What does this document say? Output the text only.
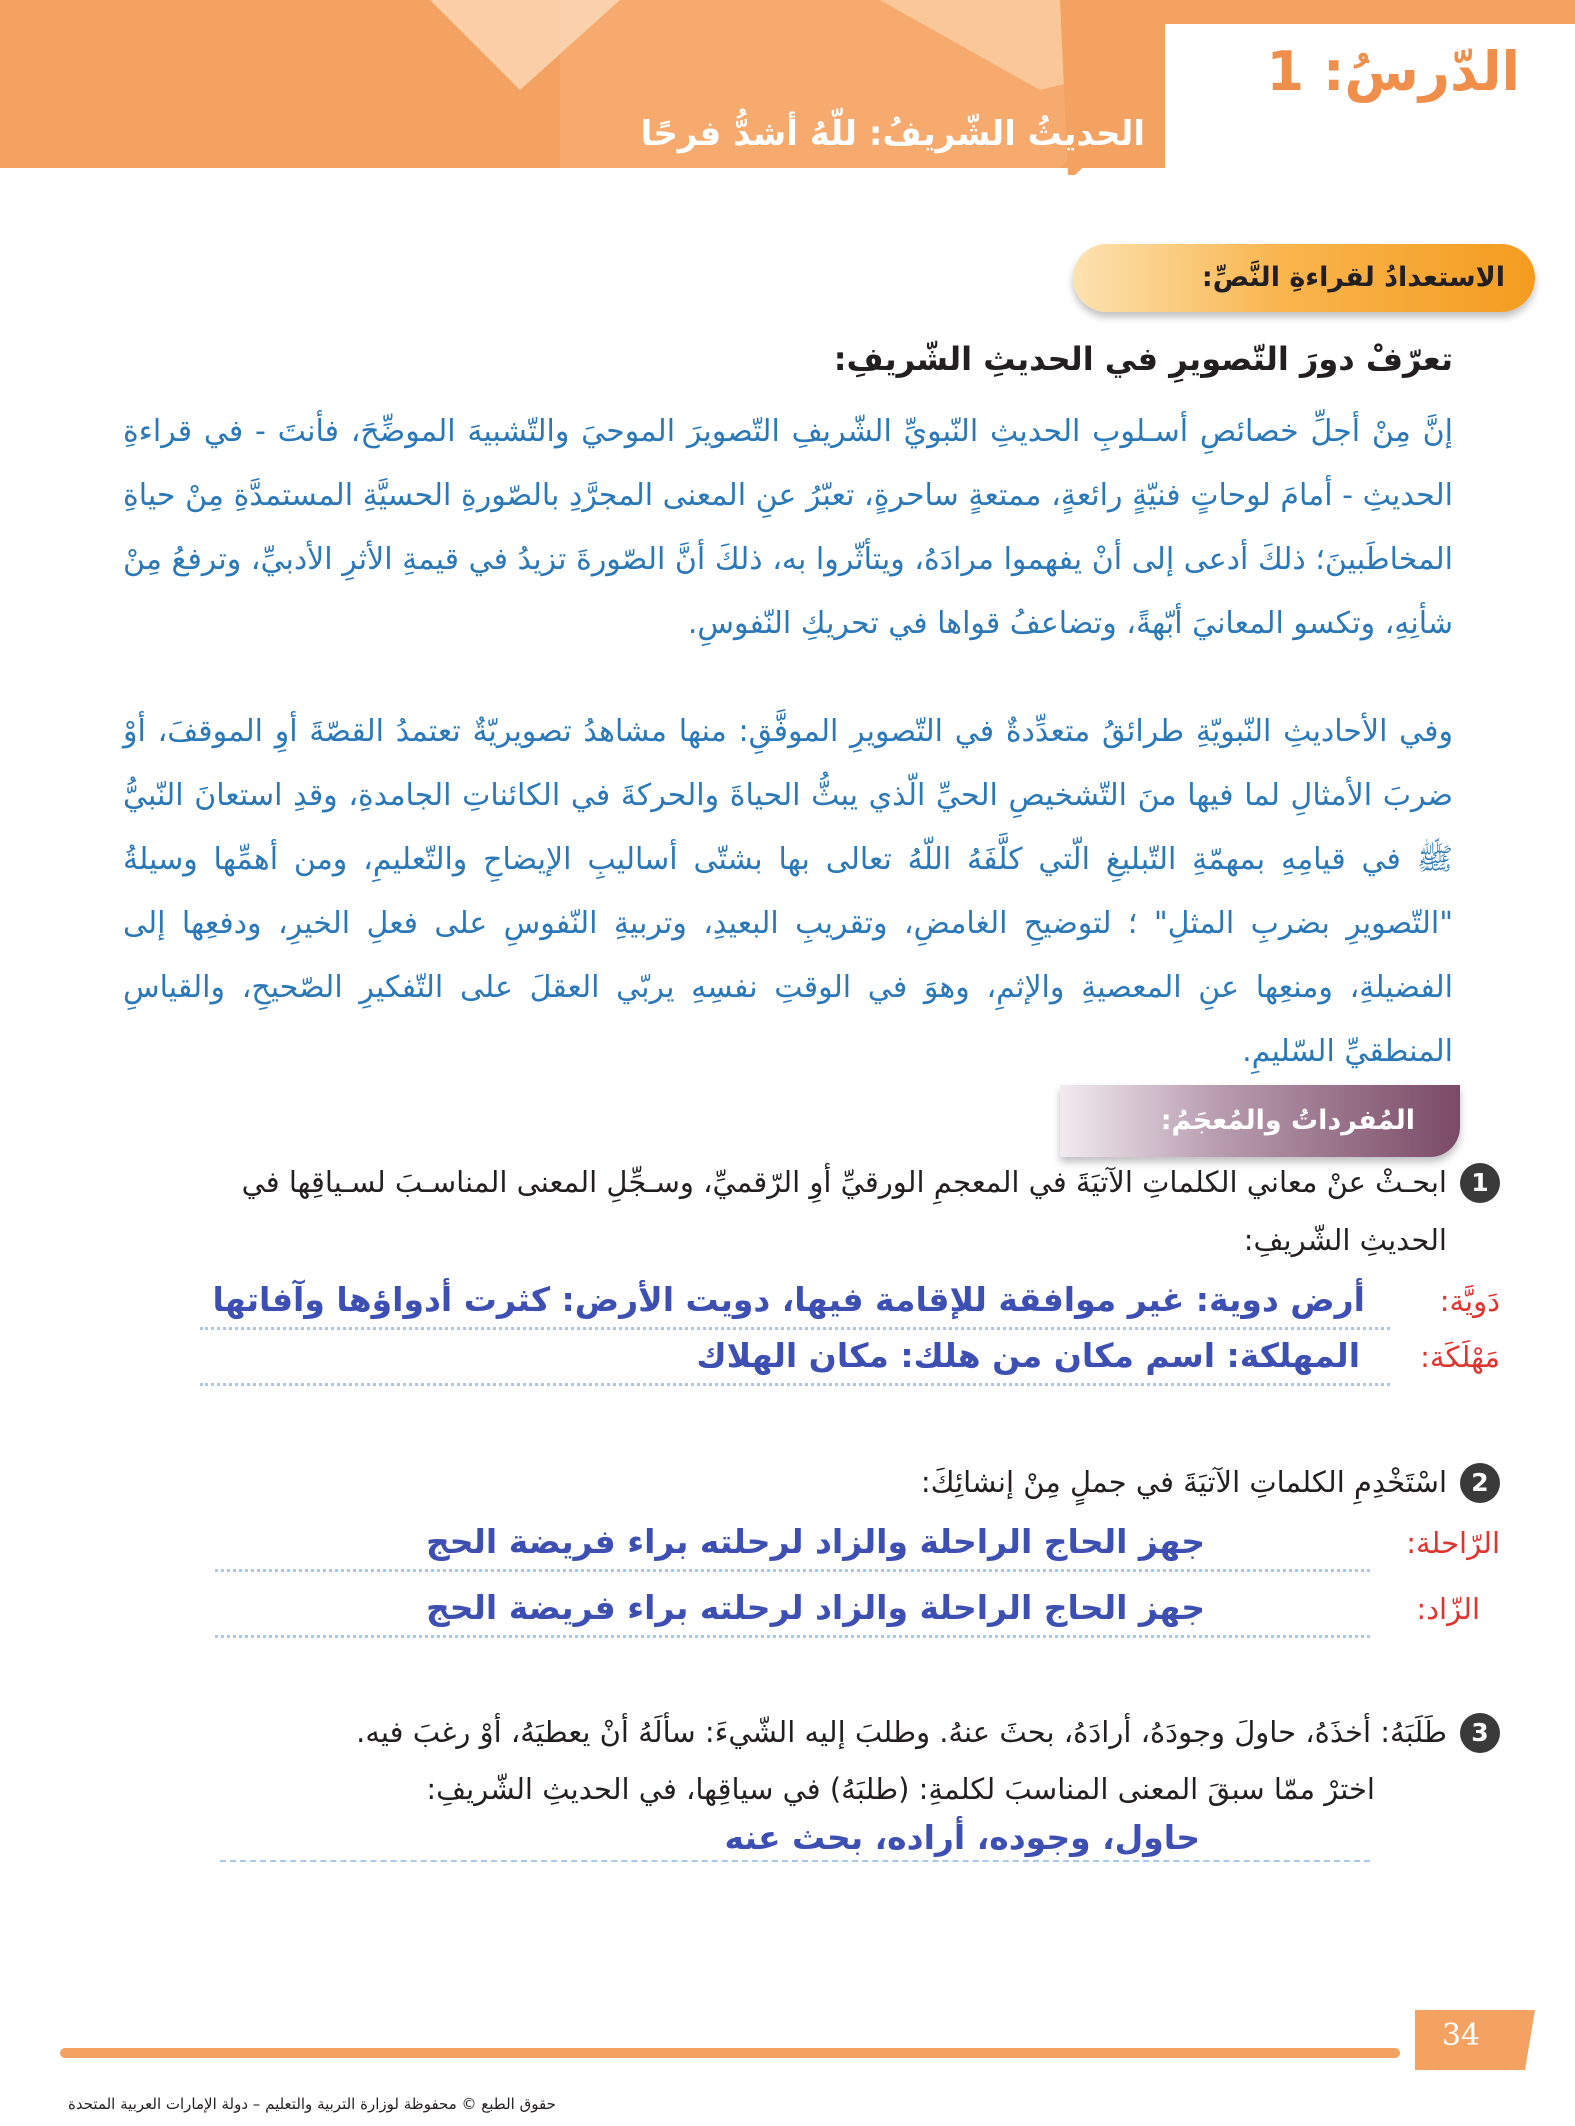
الدّرسُ: 1
الحديثُ الشّريفُ: للّهُ أشدُّ فرحًا
الاستعدادُ لقراءةِ النَّصِّ:
تعرّفْ دورَ التّصويرِ في الحديثِ الشّريفِ:
إنَّ مِنْ أجلِّ خصائصِ أسـلوبِ الحديثِ النّبويِّ الشّريفِ التّصويرَ الموحيَ والتّشبيهَ الموضِّحَ، فأنتَ - في قراءةِ الحديثِ - أمامَ لوحاتٍ فنيّةٍ رائعةٍ، ممتعةٍ ساحرةٍ، تعبّرُ عنِ المعنى المجرَّدِ بالصّورةِ الحسيَّةِ المستمدَّةِ مِنْ حياةِ المخاطَبينَ؛ ذلكَ أدعى إلى أنْ يفهموا مرادَهُ، ويتأثّروا به، ذلكَ أنَّ الصّورةَ تزيدُ في قيمةِ الأثرِ الأدبيِّ، وترفعُ مِنْ شأنِهِ، وتكسو المعانيَ أبّهةً، وتضاعفُ قواها في تحريكِ النّفوسِ.
وفي الأحاديثِ النّبويّةِ طرائقُ متعدِّدةٌ في التّصويرِ الموفَّقِ: منها مشاهدُ تصويريّةٌ تعتمدُ القصّةَ أوِ الموقفَ، أوْ ضربَ الأمثالِ لما فيها منَ التّشخيصِ الحيِّ الّذي يبثُّ الحياةَ والحركةَ في الكائناتِ الجامدةِ، وقدِ استعانَ النّبيُّ ﷺ في قيامِهِ بمهمّةِ التّبليغِ الّتي كلَّفَهُ اللّهُ تعالى بها بشتّى أساليبِ الإيضاحِ والتّعليمِ، ومن أهمِّها وسيلةُ "التّصويرِ بضربِ المثلِ" ؛ لتوضيحِ الغامضِ، وتقريبِ البعيدِ، وتربيةِ النّفوسِ على فعلِ الخيرِ، ودفعِها إلى الفضيلةِ، ومنعِها عنِ المعصيةِ والإثمِ، وهوَ في الوقتِ نفسِهِ يربّي العقلَ على التّفكيرِ الصّحيحِ، والقياسِ المنطقيِّ السّليمِ.
المُفرداتُ والمُعجَمُ:
1
ابحـثْ عنْ معاني الكلماتِ الآتيَةَ في المعجمِ الورقيِّ أوِ الرّقميِّ، وسـجِّلِ المعنى المناسـبَ لسـياقِها في الحديثِ الشّريفِ:
دَويَّة:
أرض دوية: غير موافقة للإقامة فيها، دويت الأرض: كثرت أدواؤها وآفاتها
مَهْلَكَة:
المهلكة: اسم مكان من هلك: مكان الهلاك
2
اسْتَخْدِمِ الكلماتِ الآتيَةَ في جملٍ مِنْ إنشائِكَ:
الرّاحلة:
جهز الحاج الراحلة والزاد لرحلته براء فريضة الحج
الزّاد:
جهز الحاج الراحلة والزاد لرحلته براء فريضة الحج
3
طَلَبَهُ: أخذَهُ، حاولَ وجودَهُ، أرادَهُ، بحثَ عنهُ. وطلبَ إليه الشّيءَ: سألَهُ أنْ يعطيَهُ، أوْ رغبَ فيه.
اخترْ ممّا سبقَ المعنى المناسبَ لكلمةِ: (طلبَهُ) في سياقِها، في الحديثِ الشّريفِ:
حاول، وجوده، أراده، بحث عنه
34
حقوق الطبع © محفوظة لوزارة التربية والتعليم – دولة الإمارات العربية المتحدة
